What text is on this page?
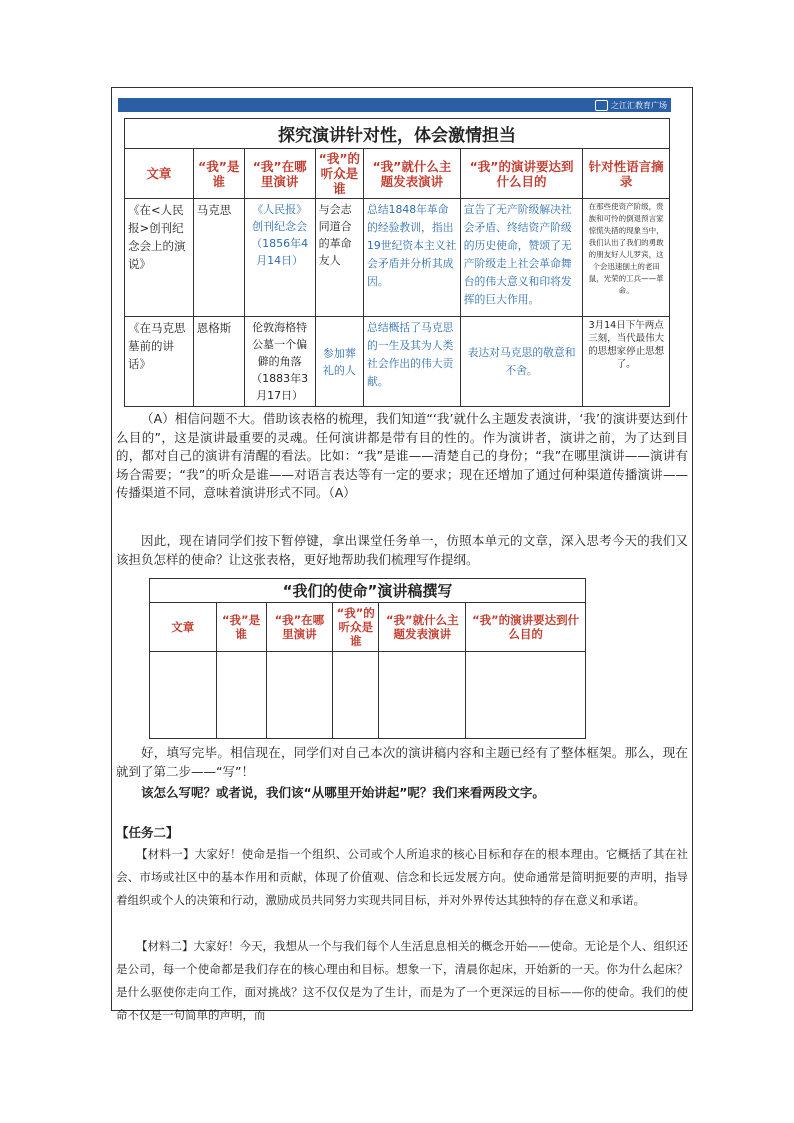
之江汇教育广场
探究演讲针对性，体会激情担当						
文章	“我”是谁	“我”在哪里演讲	“我”的听众是谁	“我”就什么主题发表演讲	“我”的演讲要达到什么目的	针对性语言摘录
《在<人民报>创刊纪念会上的演说》	马克思	《人民报》创刊纪念会（1856年4月14日）	与会志同道合的革命友人	总结1848年革命的经验教训，指出19世纪资本主义社会矛盾并分析其成因。	宣告了无产阶级解决社会矛盾、终结资产阶级的历史使命，赞颂了无产阶级走上社会革命舞台的伟大意义和印将发挥的巨大作用。	在那些使资产阶级，贵族和可怜的倒退预言家惊慌失措的现象当中，我们认出了我们的勇敢的朋友好人儿罗宾，这个会迅速刨土的老田鼠，光荣的工兵——革命。
《在马克思墓前的讲话》	恩格斯	伦敦海格特公墓一个偏僻的角落（1883年3月17日）	参加葬礼的人	总结概括了马克思的一生及其为人类社会作出的伟大贡献。	表达对马克思的敬意和不舍。	3月14日下午两点三刻，当代最伟大的思想家停止思想了。
（A）相信问题不大。借助该表格的梳理，我们知道“‘我’就什么主题发表演讲，‘我’的演讲要达到什么目的”，这是演讲最重要的灵魂。任何演讲都是带有目的性的。作为演讲者，演讲之前，为了达到目的，都对自己的演讲有清醒的看法。比如：“我”是谁——清楚自己的身份；“我”在哪里演讲——演讲有场合需要；“我”的听众是谁——对语言表达等有一定的要求；现在还增加了通过何种渠道传播演讲——传播渠道不同，意味着演讲形式不同。（A）
因此，现在请同学们按下暂停键，拿出课堂任务单一，仿照本单元的文章，深入思考今天的我们又该担负怎样的使命？让这张表格，更好地帮助我们梳理写作提纲。
“我们的使命”演讲稿撰写					
文章	“我”是谁	“我”在哪里演讲	“我”的听众是谁	“我”就什么主题发表演讲	“我”的演讲要达到什么目的

好，填写完毕。相信现在，同学们对自己本次的演讲稿内容和主题已经有了整体框架。那么，现在就到了第二步——“写”！
该怎么写呢？或者说，我们该“从哪里开始讲起”呢？我们来看两段文字。
【任务二】
【材料一】大家好！使命是指一个组织、公司或个人所追求的核心目标和存在的根本理由。它概括了其在社会、市场或社区中的基本作用和贡献，体现了价值观、信念和长远发展方向。使命通常是简明扼要的声明，指导着组织或个人的决策和行动，激励成员共同努力实现共同目标，并对外界传达其独特的存在意义和承诺。
【材料二】大家好！今天，我想从一个与我们每个人生活息息相关的概念开始——使命。无论是个人、组织还是公司，每一个使命都是我们存在的核心理由和目标。想象一下，清晨你起床，开始新的一天。你为什么起床？是什么驱使你走向工作，面对挑战？这不仅仅是为了生计，而是为了一个更深远的目标——你的使命。我们的使命不仅是一句简单的声明，而
